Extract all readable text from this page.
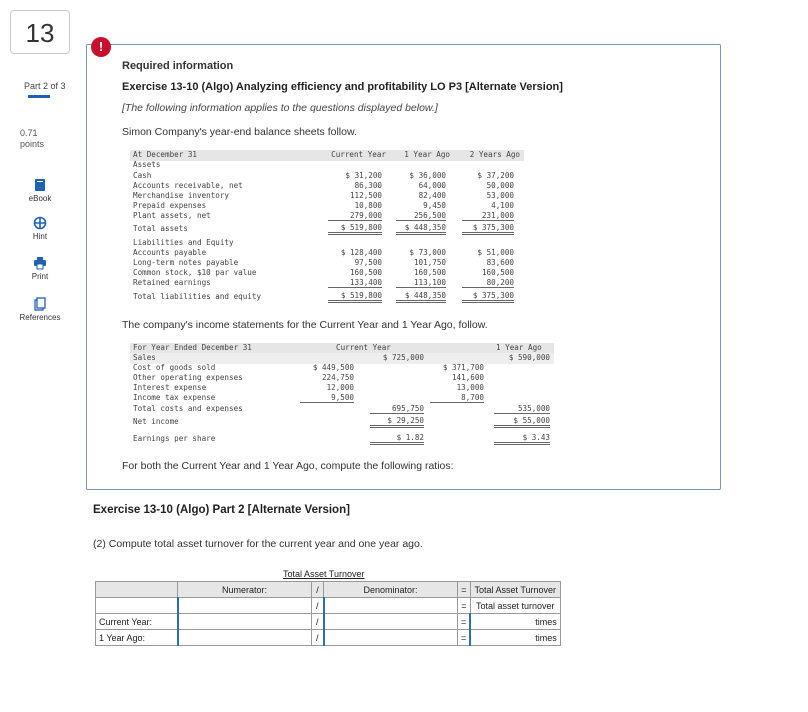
13
Part 2 of 3
0.71
points
eBook
Hint
Print
References
!
Required information
Exercise 13-10 (Algo) Analyzing efficiency and profitability LO P3 [Alternate Version]
[The following information applies to the questions displayed below.]
Simon Company's year-end balance sheets follow.
At December 31	Current Year	1 Year Ago	2 Years Ago
Assets
Cash	$ 31,200	$ 36,000	$ 37,200
Accounts receivable, net	86,300	64,000	50,000
Merchandise inventory	112,500	82,400	53,000
Prepaid expenses	10,800	9,450	4,100
Plant assets, net	279,000	256,500	231,000
Total assets	$ 519,800	$ 448,350	$ 375,300
Liabilities and Equity
Accounts payable	$ 128,400	$ 73,000	$ 51,000
Long-term notes payable	97,500	101,750	83,600
Common stock, $10 par value	160,500	160,500	160,500
Retained earnings	133,400	113,100	80,200
Total liabilities and equity	$ 519,800	$ 448,350	$ 375,300
The company's income statements for the Current Year and 1 Year Ago, follow.
For Year Ended December 31	Current Year	1 Year Ago
Sales	$ 725,000	$ 590,000
Cost of goods sold	$ 449,500	$ 371,700
Other operating expenses	224,750	141,600
Interest expense	12,000	13,000
Income tax expense	9,500	8,700
Total costs and expenses	695,750	535,000
Net income	$ 29,250	$ 55,000
Earnings per share	$ 1.82	$ 3.43
For both the Current Year and 1 Year Ago, compute the following ratios:
Exercise 13-10 (Algo) Part 2 [Alternate Version]
(2) Compute total asset turnover for the current year and one year ago.
Total Asset Turnover
	Numerator:	/	Denominator:	=	Total Asset Turnover
		/		=	Total asset turnover
Current Year:		/		=	times
1 Year Ago:		/		=	times
